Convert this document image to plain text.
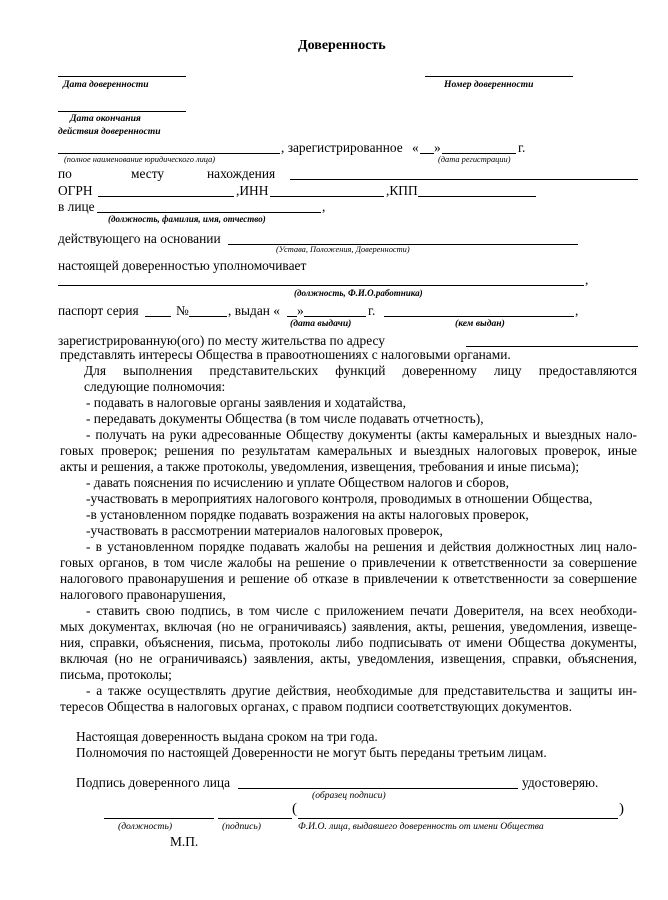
Доверенность
Дата доверенности	Номер доверенности
Дата окончания
действия доверенности
, зарегистрированное « »	г.
(полное наименование юридического лица)	(дата регистрации)
по	месту	нахождения
ОГРН	,ИНН	,КПП
в лице	,
(должность, фамилия, имя, отчество)
действующего на основании
(Устава, Положения, Доверенности)
настоящей доверенностью уполномочивает
,
(должность, Ф.И.О.работника)
паспорт серия	№	, выдан « »	г.	,
(дата выдачи)	(кем выдан)
зарегистрированную(ого) по месту жительства по адресу
представлять интересы Общества в правоотношениях с налоговыми органами.
Для выполнения представительских функций доверенному лицу предоставляются
следующие полномочия:
- подавать в налоговые органы заявления и ходатайства,
- передавать документы Общества (в том числе подавать отчетность),
- получать на руки адресованные Обществу документы (акты камеральных и выездных нало-
говых проверок; решения по результатам камеральных и выездных налоговых проверок, иные
акты и решения, а также протоколы, уведомления, извещения, требования и иные письма);
- давать пояснения по исчислению и уплате Обществом налогов и сборов,
-участвовать в мероприятиях налогового контроля, проводимых в отношении Общества,
-в установленном порядке подавать возражения на акты налоговых проверок,
-участвовать в рассмотрении материалов налоговых проверок,
- в установленном порядке подавать жалобы на решения и действия должностных лиц нало-
говых органов, в том числе жалобы на решение о привлечении к ответственности за совершение
налогового правонарушения и решение об отказе в привлечении к ответственности за совершение
налогового правонарушения,
- ставить свою подпись, в том числе с приложением печати Доверителя, на всех необходи-
мых документах, включая (но не ограничиваясь) заявления, акты, решения, уведомления, извеще-
ния, справки, объяснения, письма, протоколы либо подписывать от имени Общества документы,
включая (но не ограничиваясь) заявления, акты, уведомления, извещения, справки, объяснения,
письма, протоколы;
- а также осуществлять другие действия, необходимые для представительства и защиты ин-
тересов Общества в налоговых органах, с правом подписи соответствующих документов.
Настоящая доверенность выдана сроком на три года.
Полномочия по настоящей Доверенности не могут быть переданы третьим лицам.
Подпись доверенного лица	удостоверяю.
(образец подписи)
(	)
(должность)	(подпись)	Ф.И.О. лица, выдавшего доверенность от имени Общества
М.П.
